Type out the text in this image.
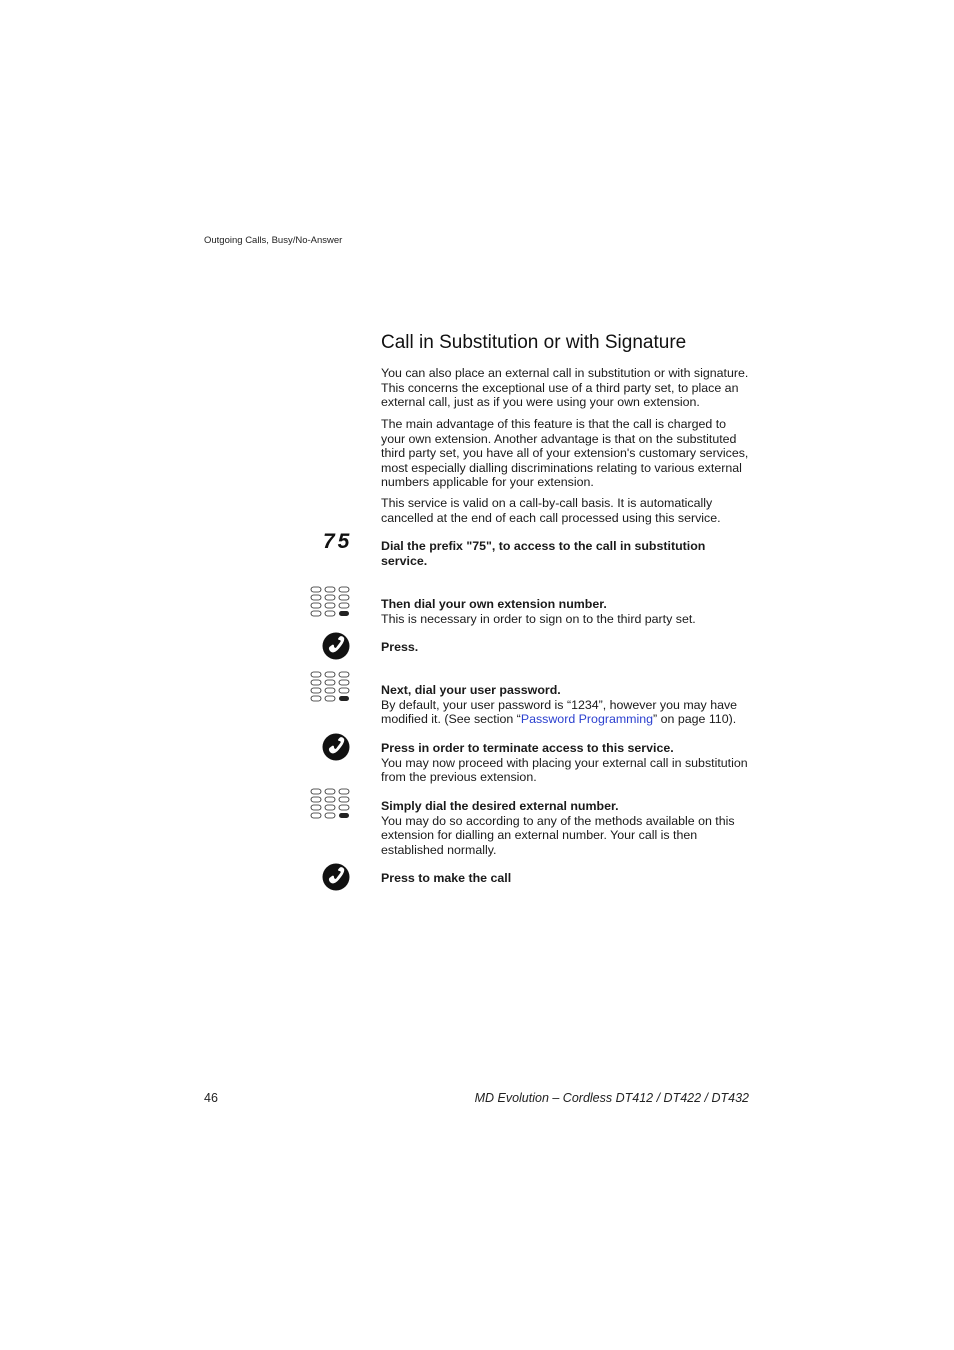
Outgoing Calls, Busy/No-Answer
Call in Substitution or with Signature

You can also place an external call in substitution or with signature. This concerns the exceptional use of a third party set, to place an external call, just as if you were using your own extension.

The main advantage of this feature is that the call is charged to your own extension. Another advantage is that on the substituted third party set, you have all of your extension's customary services, most especially dialling discriminations relating to various external numbers applicable for your extension.

This service is valid on a call-by-call basis. It is automatically cancelled at the end of each call processed using this service.

75 Dial the prefix "75", to access to the call in substitution service.

Then dial your own extension number.
This is necessary in order to sign on to the third party set.

Press.

Next, dial your user password.
By default, your user password is “1234”, however you may have modified it. (See section “Password Programming” on page 110).

Press in order to terminate access to this service.
You may now proceed with placing your external call in substitution from the previous extension.

Simply dial the desired external number.
You may do so according to any of the methods available on this extension for dialling an external number. Your call is then established normally.

Press to make the call

46	MD Evolution – Cordless DT412 / DT422 / DT432
